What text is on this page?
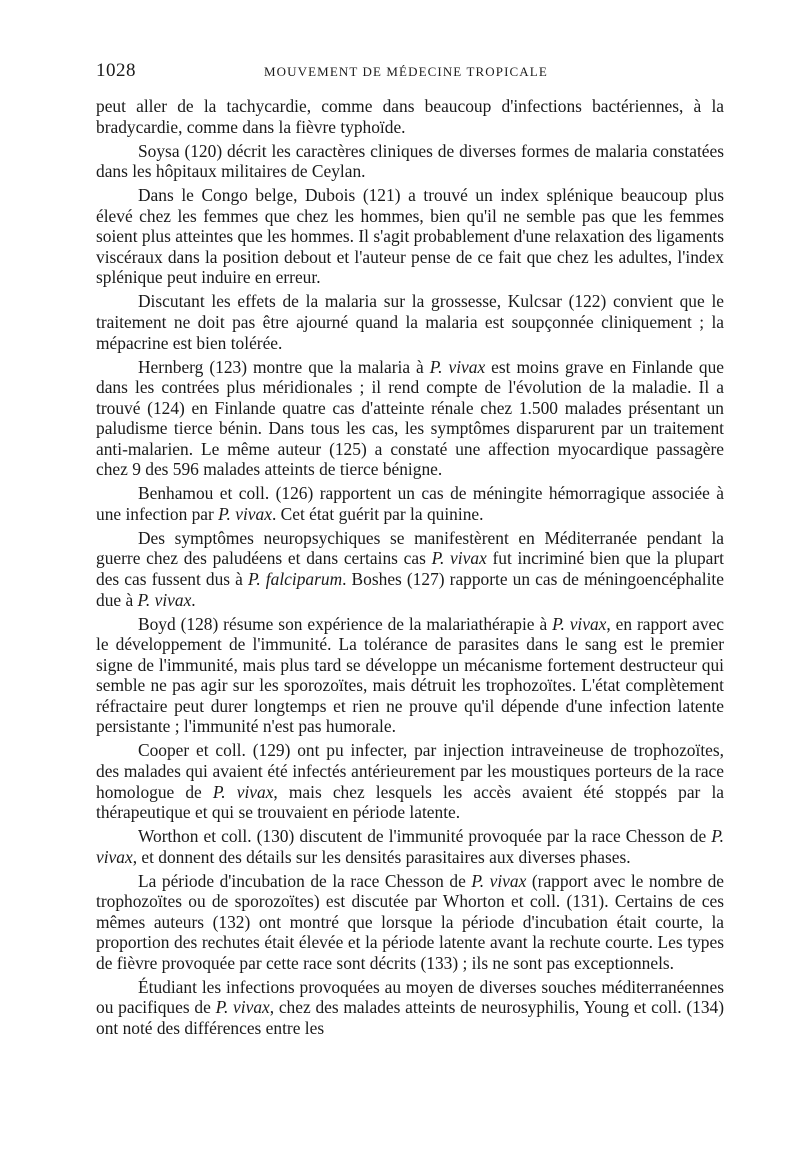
1028	MOUVEMENT DE MÉDECINE TROPICALE

peut aller de la tachycardie, comme dans beaucoup d'infections bactériennes, à la bradycardie, comme dans la fièvre typhoïde.

Soysa (120) décrit les caractères cliniques de diverses formes de malaria constatées dans les hôpitaux militaires de Ceylan.

Dans le Congo belge, Dubois (121) a trouvé un index splénique beaucoup plus élevé chez les femmes que chez les hommes, bien qu'il ne semble pas que les femmes soient plus atteintes que les hommes. Il s'agit probablement d'une relaxation des ligaments viscéraux dans la position debout et l'auteur pense de ce fait que chez les adultes, l'index splénique peut induire en erreur.

Discutant les effets de la malaria sur la grossesse, Kulcsar (122) convient que le traitement ne doit pas être ajourné quand la malaria est soupçonnée cliniquement ; la mépacrine est bien tolérée.

Hernberg (123) montre que la malaria à P. vivax est moins grave en Finlande que dans les contrées plus méridionales ; il rend compte de l'évolution de la maladie. Il a trouvé (124) en Finlande quatre cas d'atteinte rénale chez 1.500 malades présentant un paludisme tierce bénin. Dans tous les cas, les symptômes disparurent par un traitement anti-malarien. Le même auteur (125) a constaté une affection myocardique passagère chez 9 des 596 malades atteints de tierce bénigne.

Benhamou et coll. (126) rapportent un cas de méningite hémorragique associée à une infection par P. vivax. Cet état guérit par la quinine.

Des symptômes neuropsychiques se manifestèrent en Méditerranée pendant la guerre chez des paludéens et dans certains cas P. vivax fut incriminé bien que la plupart des cas fussent dus à P. falciparum. Boshes (127) rapporte un cas de méningoencéphalite due à P. vivax.

Boyd (128) résume son expérience de la malariathérapie à P. vivax, en rapport avec le développement de l'immunité. La tolérance de parasites dans le sang est le premier signe de l'immunité, mais plus tard se développe un mécanisme fortement destructeur qui semble ne pas agir sur les sporozoïtes, mais détruit les trophozoïtes. L'état complètement réfractaire peut durer longtemps et rien ne prouve qu'il dépende d'une infection latente persistante ; l'immunité n'est pas humorale.

Cooper et coll. (129) ont pu infecter, par injection intraveineuse de trophozoïtes, des malades qui avaient été infectés antérieurement par les moustiques porteurs de la race homologue de P. vivax, mais chez lesquels les accès avaient été stoppés par la thérapeutique et qui se trouvaient en période latente.

Worthon et coll. (130) discutent de l'immunité provoquée par la race Chesson de P. vivax, et donnent des détails sur les densités parasitaires aux diverses phases.

La période d'incubation de la race Chesson de P. vivax (rapport avec le nombre de trophozoïtes ou de sporozoïtes) est discutée par Whorton et coll. (131). Certains de ces mêmes auteurs (132) ont montré que lorsque la période d'incubation était courte, la proportion des rechutes était élevée et la période latente avant la rechute courte. Les types de fièvre provoquée par cette race sont décrits (133) ; ils ne sont pas exceptionnels.

Étudiant les infections provoquées au moyen de diverses souches méditerranéennes ou pacifiques de P. vivax, chez des malades atteints de neurosyphilis, Young et coll. (134) ont noté des différences entre les
